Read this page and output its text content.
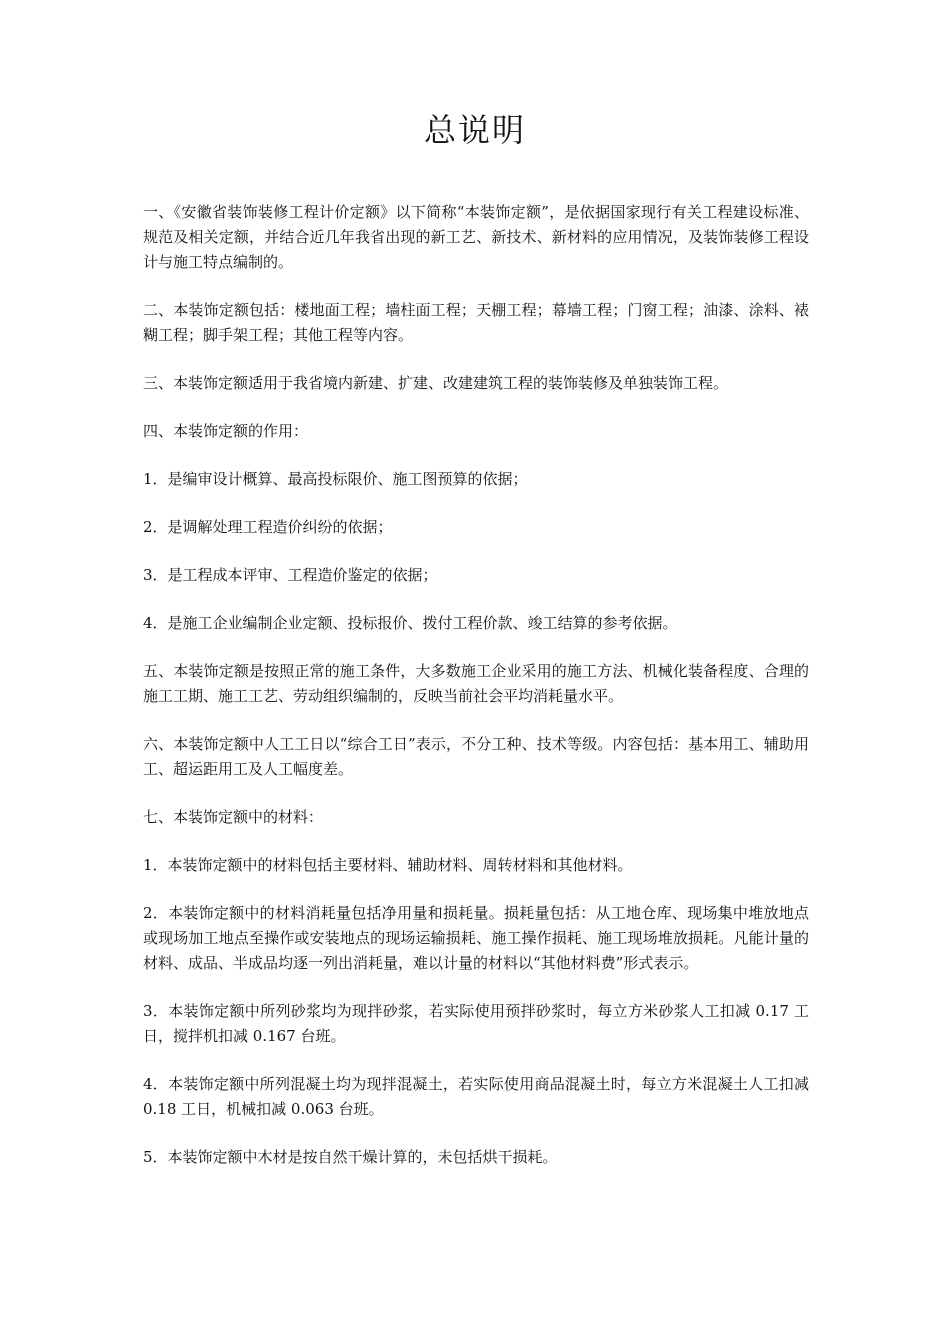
总说明

一、《安徽省装饰装修工程计价定额》以下简称“本装饰定额”，是依据国家现行有关工程建设标准、规范及相关定额，并结合近几年我省出现的新工艺、新技术、新材料的应用情况，及装饰装修工程设计与施工特点编制的。

二、本装饰定额包括：楼地面工程；墙柱面工程；天棚工程；幕墙工程；门窗工程；油漆、涂料、裱糊工程；脚手架工程；其他工程等内容。

三、本装饰定额适用于我省境内新建、扩建、改建建筑工程的装饰装修及单独装饰工程。

四、本装饰定额的作用：

1．是编审设计概算、最高投标限价、施工图预算的依据；

2．是调解处理工程造价纠纷的依据；

3．是工程成本评审、工程造价鉴定的依据；

4．是施工企业编制企业定额、投标报价、拨付工程价款、竣工结算的参考依据。

五、本装饰定额是按照正常的施工条件，大多数施工企业采用的施工方法、机械化装备程度、合理的施工工期、施工工艺、劳动组织编制的，反映当前社会平均消耗量水平。

六、本装饰定额中人工工日以“综合工日”表示，不分工种、技术等级。内容包括：基本用工、辅助用工、超运距用工及人工幅度差。

七、本装饰定额中的材料：

1．本装饰定额中的材料包括主要材料、辅助材料、周转材料和其他材料。

2．本装饰定额中的材料消耗量包括净用量和损耗量。损耗量包括：从工地仓库、现场集中堆放地点或现场加工地点至操作或安装地点的现场运输损耗、施工操作损耗、施工现场堆放损耗。凡能计量的材料、成品、半成品均逐一列出消耗量，难以计量的材料以“其他材料费”形式表示。

3．本装饰定额中所列砂浆均为现拌砂浆，若实际使用预拌砂浆时，每立方米砂浆人工扣减 0.17 工日，搅拌机扣减 0.167 台班。

4．本装饰定额中所列混凝土均为现拌混凝土，若实际使用商品混凝土时，每立方米混凝土人工扣减 0.18 工日，机械扣减 0.063 台班。

5．本装饰定额中木材是按自然干燥计算的，未包括烘干损耗。
